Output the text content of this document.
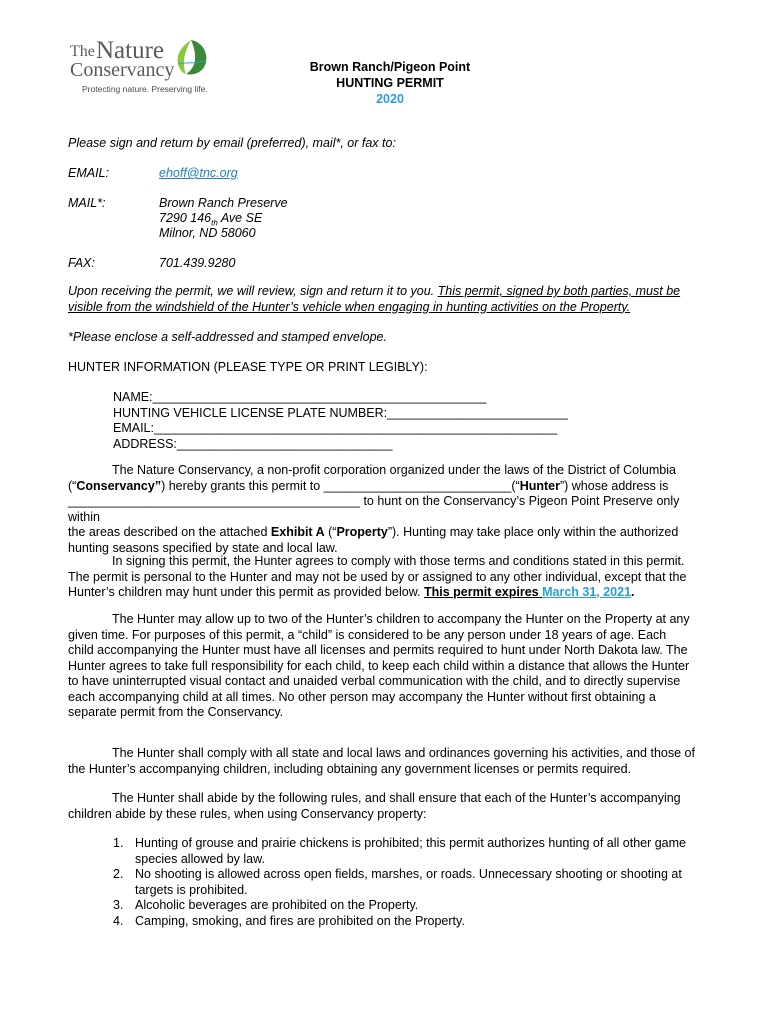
The Nature
Conservancy
Protecting nature. Preserving life.
Brown Ranch/Pigeon Point
HUNTING PERMIT
2020
Please sign and return by email (preferred), mail*, or fax to:
EMAIL:	ehoff@tnc.org
MAIL*:	Brown Ranch Preserve
7290 $146_{th}$ Ave SE
Milnor, ND 58060
FAX:	701.439.9280
Upon receiving the permit, we will review, sign and return it to you. This permit, signed by both parties, must be
visible from the windshield of the Hunter’s vehicle when engaging in hunting activities on the Property.
*Please enclose a self-addressed and stamped envelope.
HUNTER INFORMATION (PLEASE TYPE OR PRINT LEGIBLY):
NAME:________________________________________________
HUNTING VEHICLE LICENSE PLATE NUMBER:__________________________
EMAIL:__________________________________________________________
ADDRESS:_______________________________
The Nature Conservancy, a non-profit corporation organized under the laws of the District of Columbia
(“Conservancy”) hereby grants this permit to ___________________________(“Hunter”) whose address is
__________________________________________ to hunt on the Conservancy’s Pigeon Point Preserve only within
the areas described on the attached Exhibit A (“Property”). Hunting may take place only within the authorized
hunting seasons specified by state and local law.
In signing this permit, the Hunter agrees to comply with those terms and conditions stated in this permit.
The permit is personal to the Hunter and may not be used by or assigned to any other individual, except that the
Hunter’s children may hunt under this permit as provided below. This permit expires March 31, 2021.
The Hunter may allow up to two of the Hunter’s children to accompany the Hunter on the Property at any
given time. For purposes of this permit, a “child” is considered to be any person under 18 years of age. Each
child accompanying the Hunter must have all licenses and permits required to hunt under North Dakota law. The
Hunter agrees to take full responsibility for each child, to keep each child within a distance that allows the Hunter
to have uninterrupted visual contact and unaided verbal communication with the child, and to directly supervise
each accompanying child at all times. No other person may accompany the Hunter without first obtaining a
separate permit from the Conservancy.
The Hunter shall comply with all state and local laws and ordinances governing his activities, and those of
the Hunter’s accompanying children, including obtaining any government licenses or permits required.
The Hunter shall abide by the following rules, and shall ensure that each of the Hunter’s accompanying
children abide by these rules, when using Conservancy property:
1. Hunting of grouse and prairie chickens is prohibited; this permit authorizes hunting of all other game
species allowed by law.
2. No shooting is allowed across open fields, marshes, or roads. Unnecessary shooting or shooting at
targets is prohibited.
3. Alcoholic beverages are prohibited on the Property.
4. Camping, smoking, and fires are prohibited on the Property.
